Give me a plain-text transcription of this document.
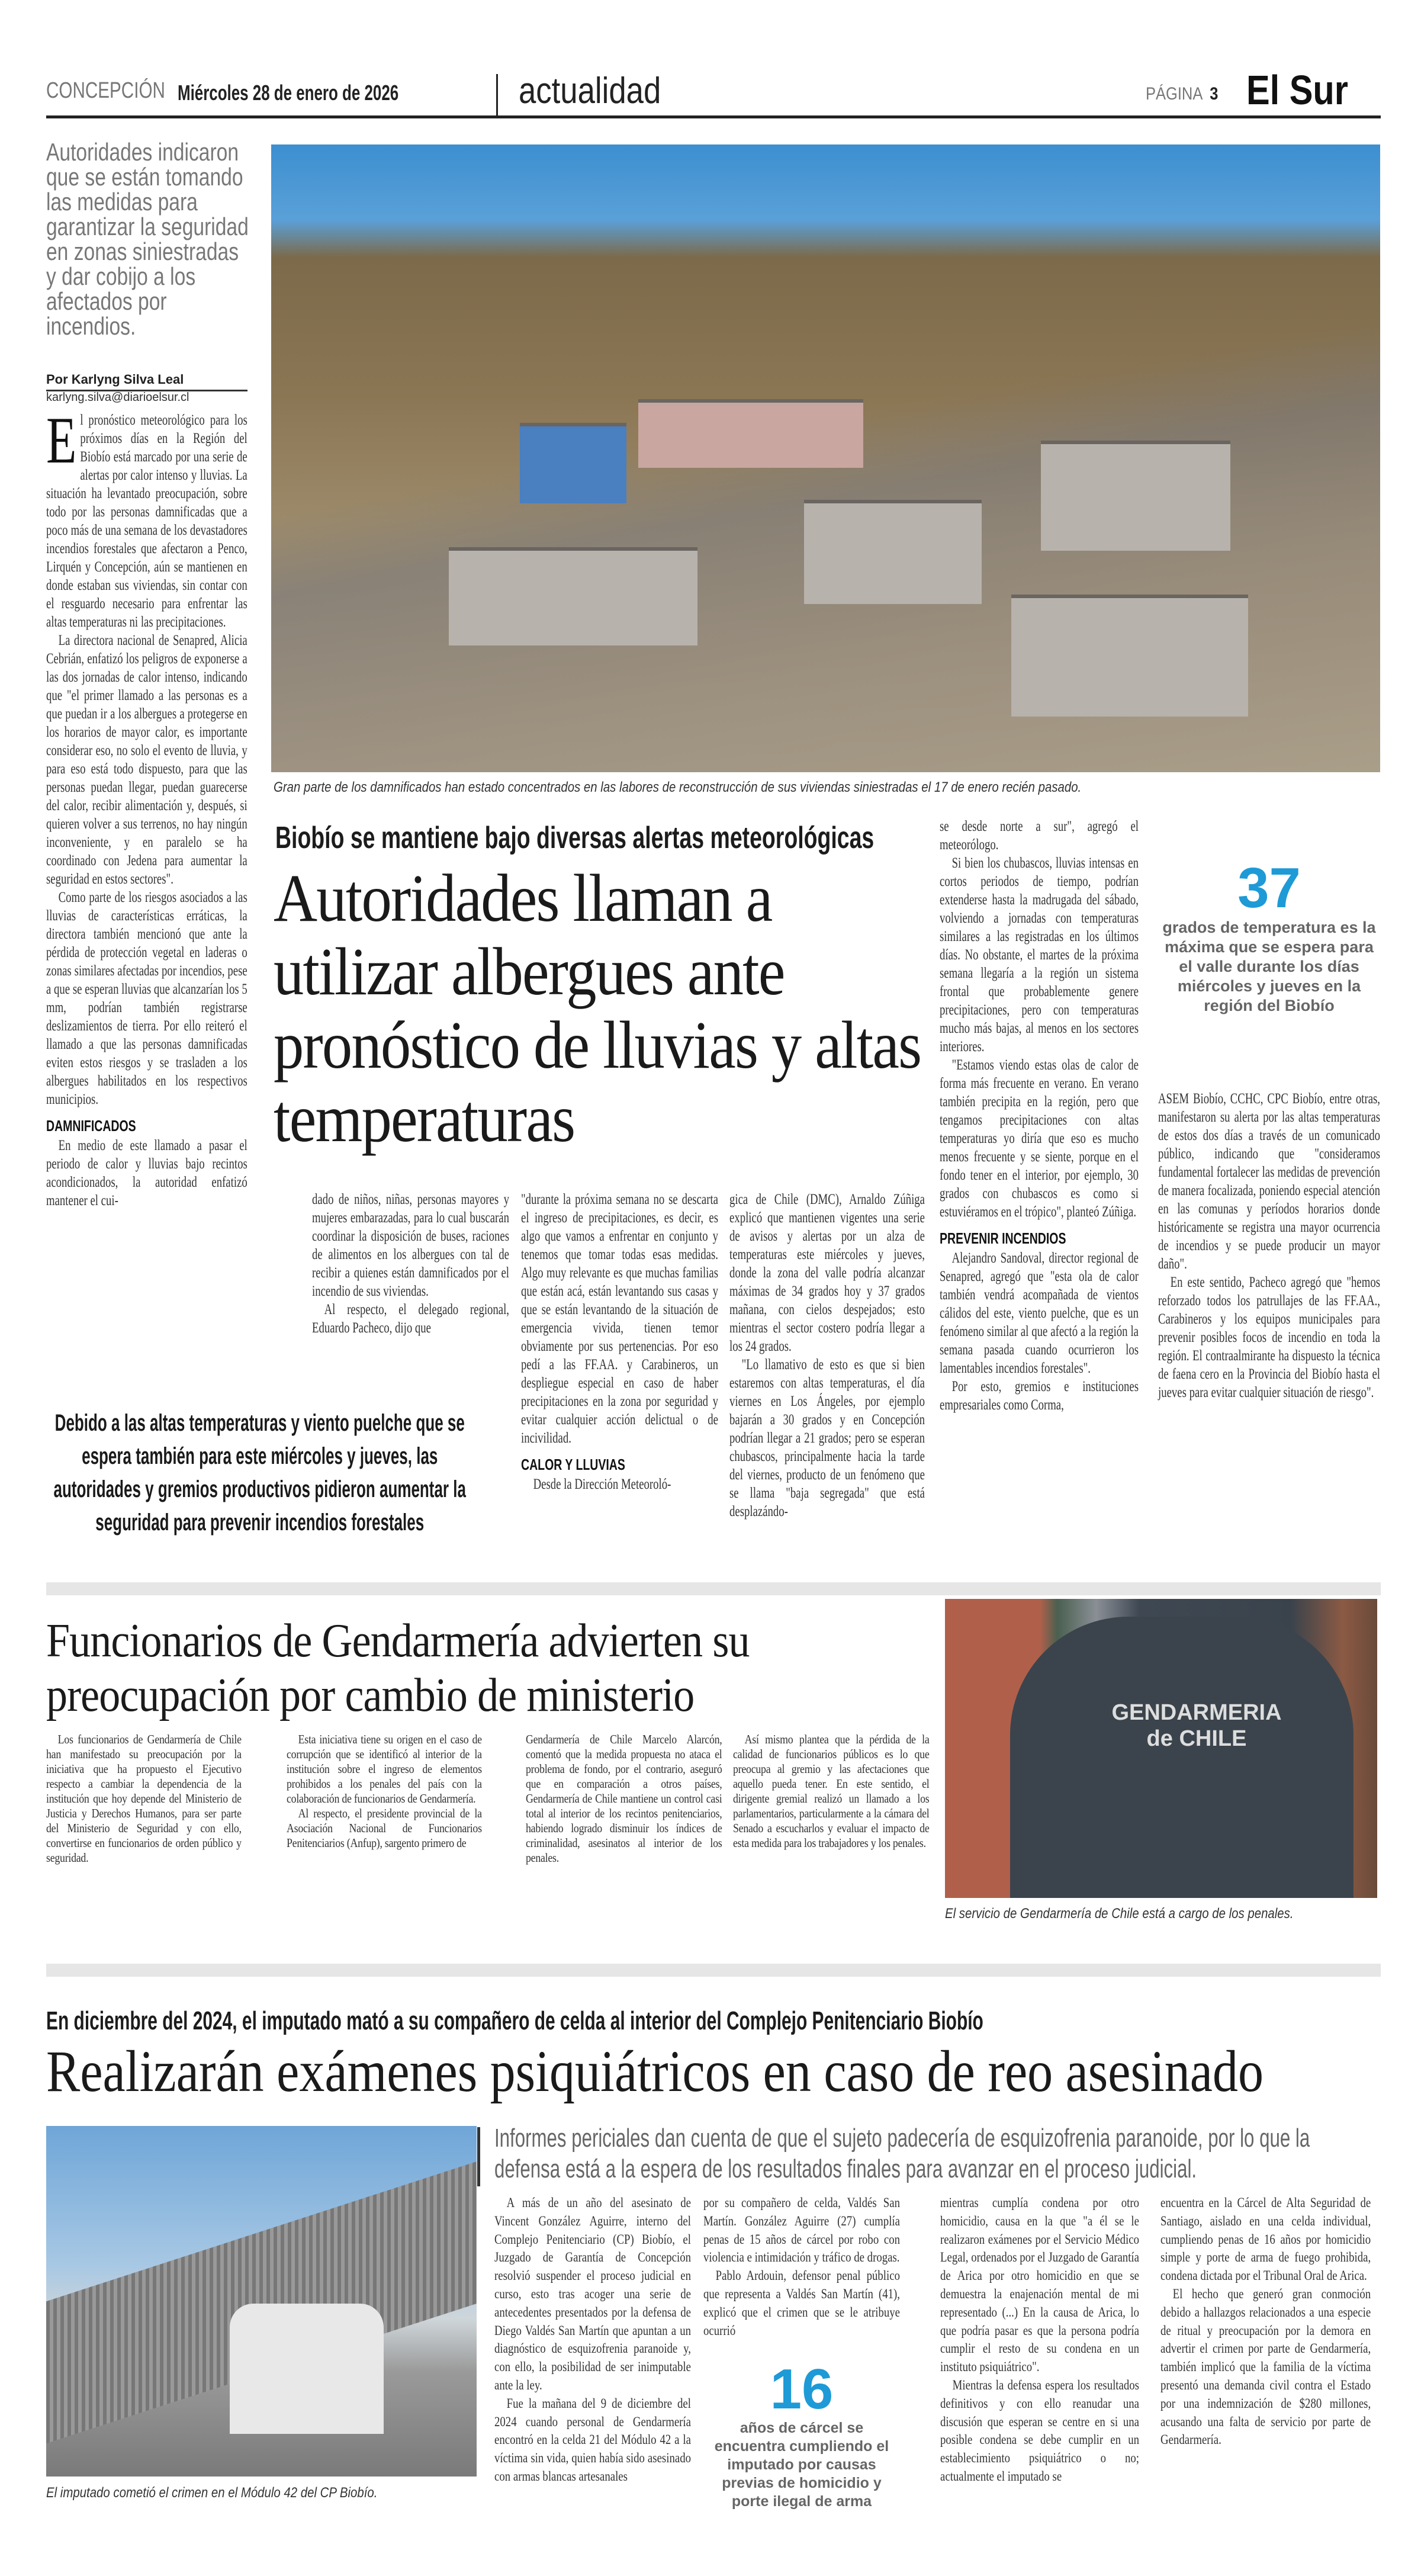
CONCEPCIÓN Miércoles 28 de enero de 2026	actualidad	PÁGINA 3 El Sur
Autoridades indicaron que se están tomando las medidas para garantizar la seguridad en zonas siniestradas y dar cobijo a los afectados por incendios.
Por Karlyng Silva Leal
karlyng.silva@diarioelsur.cl
Gran parte de los damnificados han estado concentrados en las labores de reconstrucción de sus viviendas siniestradas el 17 de enero recién pasado.
Biobío se mantiene bajo diversas alertas meteorológicas
Autoridades llaman a utilizar albergues ante pronóstico de lluvias y altas temperaturas

El pronóstico meteorológico para los próximos días en la Región del Biobío está marcado por una serie de alertas por calor intenso y lluvias. La situación ha levantado preocupación, sobre todo por las personas damnificadas que a poco más de una semana de los devastadores incendios forestales que afectaron a Penco, Lirquén y Concepción, aún se mantienen en donde estaban sus viviendas, sin contar con el resguardo necesario para enfrentar las altas temperaturas ni las precipitaciones.

La directora nacional de Senapred, Alicia Cebrián, enfatizó los peligros de exponerse a las dos jornadas de calor intenso, indicando que "el primer llamado a las personas es a que puedan ir a los albergues a protegerse en los horarios de mayor calor, es importante considerar eso, no solo el evento de lluvia, y para eso está todo dispuesto, para que las personas puedan llegar, puedan guarecerse del calor, recibir alimentación y, después, si quieren volver a sus terrenos, no hay ningún inconveniente, y en paralelo se ha coordinado con Jedena para aumentar la seguridad en estos sectores".

Como parte de los riesgos asociados a las lluvias de características erráticas, la directora también mencionó que ante la pérdida de protección vegetal en laderas o zonas similares afectadas por incendios, pese a que se esperan lluvias que alcanzarían los 5 mm, podrían también registrarse deslizamientos de tierra. Por ello reiteró el llamado a que las personas damnificadas eviten estos riesgos y se trasladen a los albergues habilitados en los respectivos municipios.

DAMNIFICADOS

En medio de este llamado a pasar el periodo de calor y lluvias bajo recintos acondicionados, la autoridad enfatizó mantener el cui-	dado de niños, niñas, personas mayores y mujeres embarazadas, para lo cual buscarán coordinar la disposición de buses, raciones de alimentos en los albergues con tal de recibir a quienes están damnificados por el incendio de sus viviendas.

Al respecto, el delegado regional, Eduardo Pacheco, dijo que

"durante la próxima semana no se descarta el ingreso de precipitaciones, es decir, es algo que vamos a enfrentar en conjunto y tenemos que tomar todas esas medidas. Algo muy relevante es que muchas familias que están acá, están levantando sus casas y que se están levantando de la situación de emergencia vivida, tienen temor obviamente por sus pertenencias. Por eso pedí a las FF.AA. y Carabineros, un despliegue especial en caso de haber precipitaciones en la zona por seguridad y evitar cualquier acción delictual o de incivilidad.

CALOR Y LLUVIAS

Desde la Dirección Meteoroló-

gica de Chile (DMC), Arnaldo Zúñiga explicó que mantienen vigentes una serie de avisos y alertas por un alza de temperaturas este miércoles y jueves, donde la zona del valle podría alcanzar máximas de 34 grados hoy y 37 grados mañana, con cielos despejados; esto mientras el sector costero podría llegar a los 24 grados.

"Lo llamativo de esto es que si bien estaremos con altas temperaturas, el día viernes en Los Ángeles, por ejemplo bajarán a 30 grados y en Concepción podrían llegar a 21 grados; pero se esperan chubascos, principalmente hacia la tarde del viernes, producto de un fenómeno que se llama "baja segregada" que está desplazándo-

se desde norte a sur", agregó el meteorólogo.

Si bien los chubascos, lluvias intensas en cortos periodos de tiempo, podrían extenderse hasta la madrugada del sábado, volviendo a jornadas con temperaturas similares a las registradas en los últimos días. No obstante, el martes de la próxima semana llegaría a la región un sistema frontal que probablemente genere precipitaciones, pero con temperaturas mucho más bajas, al menos en los sectores interiores.

"Estamos viendo estas olas de calor de forma más frecuente en verano. En verano también precipita en la región, pero que tengamos precipitaciones con altas temperaturas yo diría que eso es mucho menos frecuente y se siente, porque en el fondo tener en el interior, por ejemplo, 30 grados con chubascos es como si estuviéramos en el trópico", planteó Zúñiga.

PREVENIR INCENDIOS

Alejandro Sandoval, director regional de Senapred, agregó que "esta ola de calor también vendrá acompañada de vientos cálidos del este, viento puelche, que es un fenómeno similar al que afectó a la región la semana pasada cuando ocurrieron los lamentables incendios forestales".

Por esto, gremios e instituciones empresariales como Corma,

ASEM Biobío, CCHC, CPC Biobío, entre otras, manifestaron su alerta por las altas temperaturas de estos dos días a través de un comunicado público, indicando que "consideramos fundamental fortalecer las medidas de prevención de manera focalizada, poniendo especial atención en las comunas y períodos horarios donde históricamente se registra una mayor ocurrencia de incendios y se puede producir un mayor daño".

En este sentido, Pacheco agregó que "hemos reforzado todos los patrullajes de las FF.AA., Carabineros y los equipos municipales para prevenir posibles focos de incendio en toda la región. El contraalmirante ha dispuesto la técnica de faena cero en la Provincia del Biobío hasta el jueves para evitar cualquier situación de riesgo".

Debido a las altas temperaturas y viento puelche que se espera también para este miércoles y jueves, las autoridades y gremios productivos pidieron aumentar la seguridad para prevenir incendios forestales
37
grados de temperatura es la máxima que se espera para el valle durante los días miércoles y jueves en la región del Biobío
Funcionarios de Gendarmería advierten su preocupación por cambio de ministerio

Los funcionarios de Gendarmería de Chile han manifestado su preocupación por la iniciativa que ha propuesto el Ejecutivo respecto a cambiar la dependencia de la institución que hoy depende del Ministerio de Justicia y Derechos Humanos, para ser parte del Ministerio de Seguridad y con ello, convertirse en funcionarios de orden público y seguridad.

Esta iniciativa tiene su origen en el caso de corrupción que se identificó al interior de la institución sobre el ingreso de elementos prohibidos a los penales del país con la colaboración de funcionarios de Gendarmería.

Al respecto, el presidente provincial de la Asociación Nacional de Funcionarios Penitenciarios (Anfup), sargento primero de

Gendarmería de Chile Marcelo Alarcón, comentó que la medida propuesta no ataca el problema de fondo, por el contrario, aseguró que en comparación a otros países, Gendarmería de Chile mantiene un control casi total al interior de los recintos penitenciarios, habiendo logrado disminuir los índices de criminalidad, asesinatos al interior de los penales.

Así mismo plantea que la pérdida de la calidad de funcionarios públicos es lo que preocupa al gremio y las afectaciones que aquello pueda tener. En este sentido, el dirigente gremial realizó un llamado a los parlamentarios, particularmente a la cámara del Senado a escucharlos y evaluar el impacto de esta medida para los trabajadores y los penales.

GENDARMERIA de CHILE
El servicio de Gendarmería de Chile está a cargo de los penales.
En diciembre del 2024, el imputado mató a su compañero de celda al interior del Complejo Penitenciario Biobío
Realizarán exámenes psiquiátricos en caso de reo asesinado
Informes periciales dan cuenta de que el sujeto padecería de esquizofrenia paranoide, por lo que la defensa está a la espera de los resultados finales para avanzar en el proceso judicial.
El imputado cometió el crimen en el Módulo 42 del CP Biobío.

A más de un año del asesinato de Vincent González Aguirre, interno del Complejo Penitenciario (CP) Biobío, el Juzgado de Garantía de Concepción resolvió suspender el proceso judicial en curso, esto tras acoger una serie de antecedentes presentados por la defensa de Diego Valdés San Martín que apuntan a un diagnóstico de esquizofrenia paranoide y, con ello, la posibilidad de ser inimputable ante la ley.

Fue la mañana del 9 de diciembre del 2024 cuando personal de Gendarmería encontró en la celda 21 del Módulo 42 a la víctima sin vida, quien había sido asesinado con armas blancas artesanales

por su compañero de celda, Valdés San Martín. González Aguirre (27) cumplía penas de 15 años de cárcel por robo con violencia e intimidación y tráfico de drogas.

Pablo Ardouin, defensor penal público que representa a Valdés San Martín (41), explicó que el crimen que se le atribuye ocurrió

mientras cumplía condena por otro homicidio, causa en la que "a él se le realizaron exámenes por el Servicio Médico Legal, ordenados por el Juzgado de Garantía de Arica por otro homicidio en que se demuestra la enajenación mental de mi representado (...) En la causa de Arica, lo que podría pasar es que la persona podría cumplir el resto de su condena en un instituto psiquiátrico".

Mientras la defensa espera los resultados definitivos y con ello reanudar una discusión que esperan se centre en si una posible condena se debe cumplir en un establecimiento psiquiátrico o no; actualmente el imputado se

encuentra en la Cárcel de Alta Seguridad de Santiago, aislado en una celda individual, cumpliendo penas de 16 años por homicidio simple y porte de arma de fuego prohibida, condena dictada por el Tribunal Oral de Arica.

El hecho que generó gran conmoción debido a hallazgos relacionados a una especie de ritual y preocupación por la demora en advertir el crimen por parte de Gendarmería, también implicó que la familia de la víctima presentó una demanda civil contra el Estado por una indemnización de $280 millones, acusando una falta de servicio por parte de Gendarmería.

16
años de cárcel se encuentra cumpliendo el imputado por causas previas de homicidio y porte ilegal de arma
